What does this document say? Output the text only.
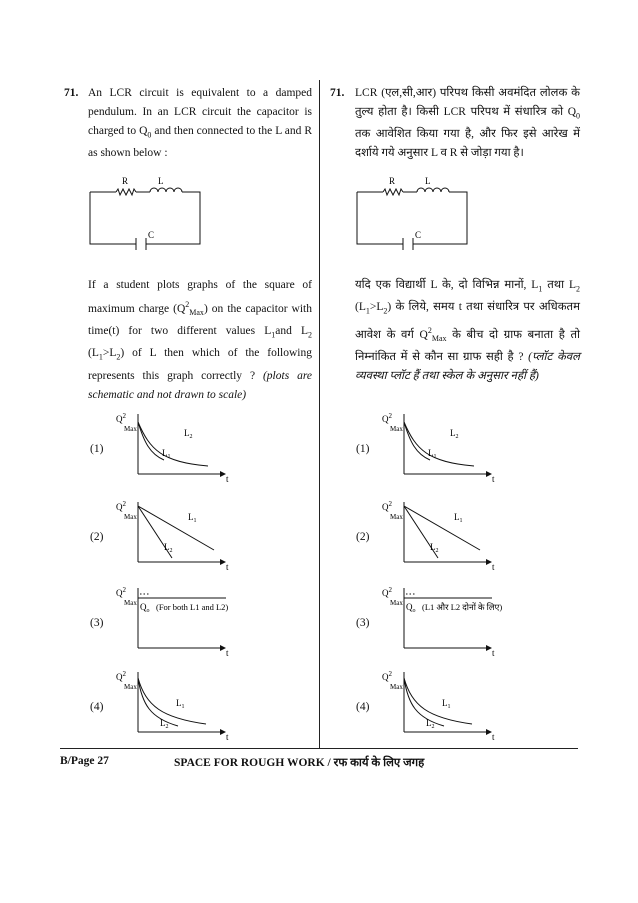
71. An LCR circuit is equivalent to a damped pendulum. In an LCR circuit the capacitor is charged to $Q_0$ and then connected to the L and R as shown below :
R	L
C
If a student plots graphs of the square of maximum charge $(Q^2_{Max})$ on the capacitor with time(t) for two different values $L_1and$ $L_2$ $(L_1>L_2)$ of L then which of the following represents this graph correctly ? (plots are schematic and not drawn to scale)
71. LCR (एल,सी,आर) परिपथ किसी अवमंदित लोलक के तुल्य होता है। किसी LCR परिपथ में संधारित्र को $Q_0$ तक आवेशित किया गया है, और फिर इसे आरेख में दर्शाये गये अनुसार L व R से जोड़ा गया है।
R	L
C
यदि एक विद्यार्थी L के, दो विभिन्न मानों, $L_1$ तथा $L_2$ $(L_1>L_2)$ के लिये, समय t तथा संधारित्र पर अधिकतम आवेश के वर्ग $Q^2_{Max}$ के बीच दो ग्राफ बनाता है तो निम्नांकित में से कौन सा ग्राफ सही है ? (प्लॉट केवल व्यवस्था प्लॉट हैं तथा स्केल के अनुसार नहीं हैं)
(1)
$Q^2$
Max
t
$L_2$
$L_1$
(2)
$Q^2$
Max
t
$L_1$
$L_2$
(3)
$Q^2$
Max
t
$Q_o$ (For both L1 and L2)
(4)
$Q^2$
Max
t
$L_1$
$L_2$
(1)
$Q^2$
Max
t
$L_2$
$L_1$
(2)
$Q^2$
Max
t
$L_1$
$L_2$
(3)
$Q^2$
Max
t
$Q_o$ (L1 और L2 दोनों के लिए)
(4)
$Q^2$
Max
t
$L_1$
$L_2$
B/Page 27	SPACE FOR ROUGH WORK / रफ कार्य के लिए जगह
